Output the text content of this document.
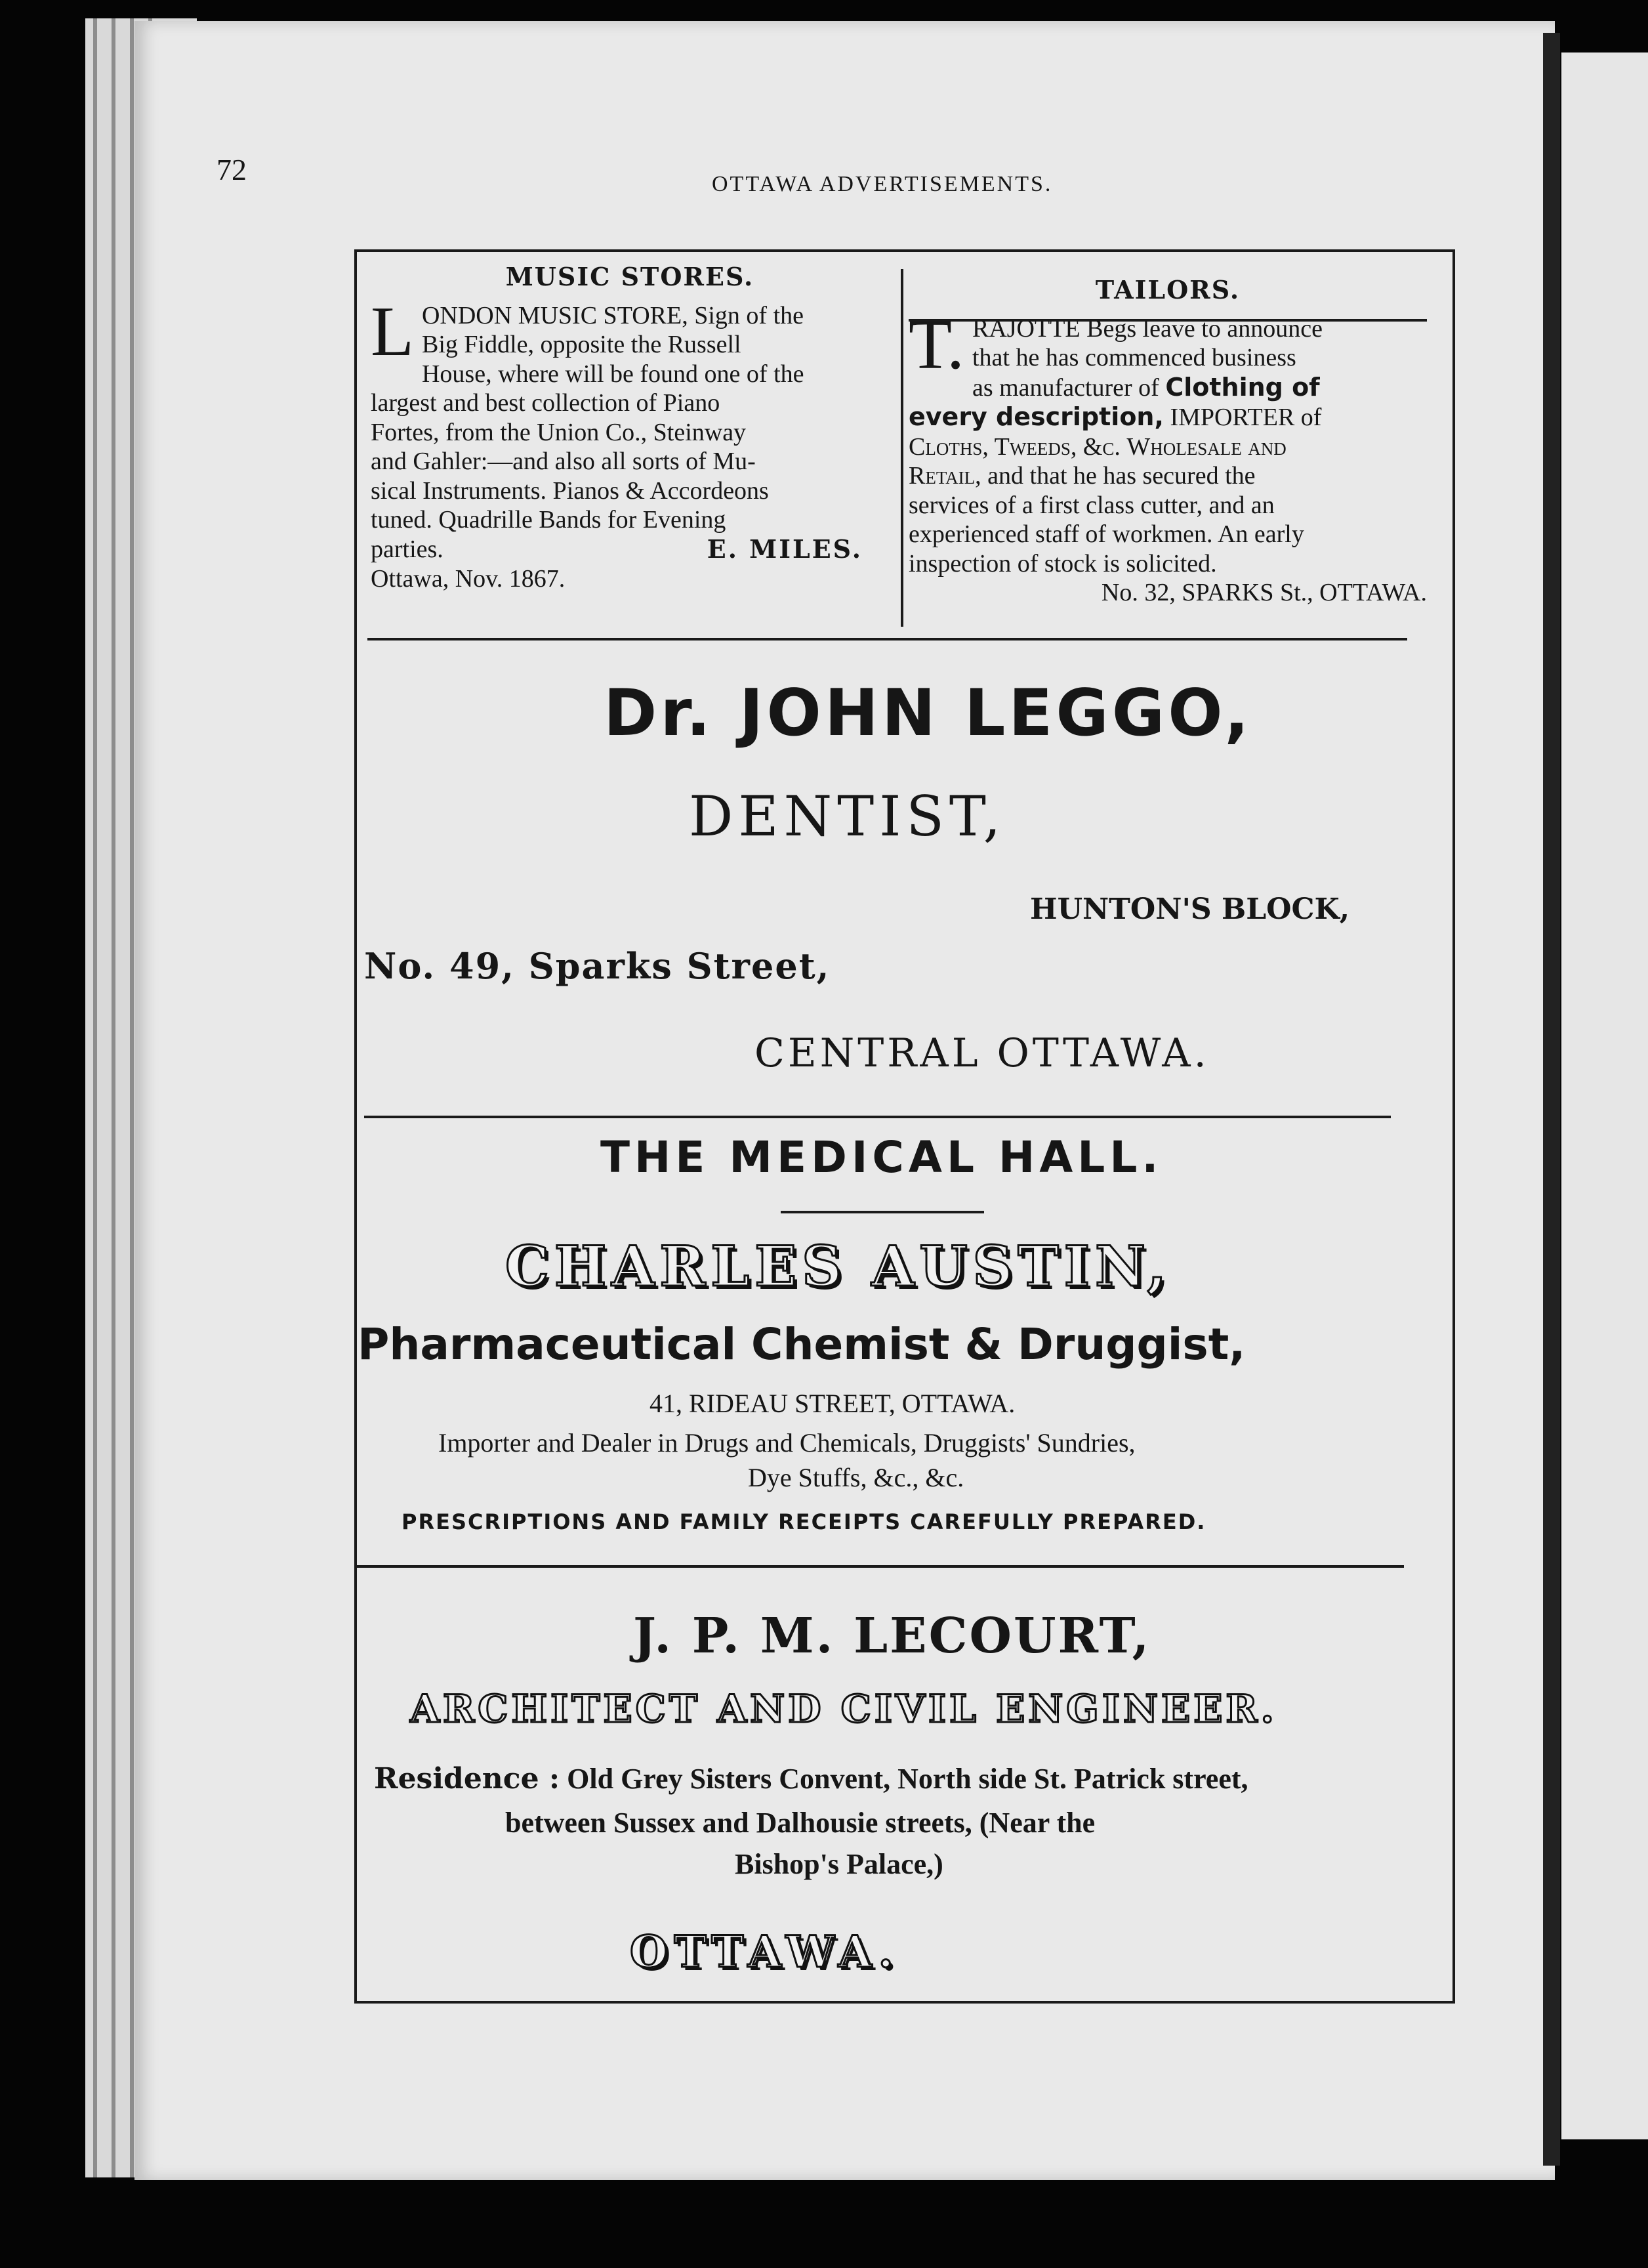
72	OTTAWA ADVERTISEMENTS.
MUSIC STORES.
L ONDON MUSIC STORE, Sign of the
Big Fiddle, opposite the Russell
House, where will be found one of the
largest and best collection of Piano
Fortes, from the Union Co., Steinway
and Gahler:—and also all sorts of Mu-
sical Instruments. Pianos & Accordeons
tuned. Quadrille Bands for Evening
parties.	E. MILES.
Ottawa, Nov. 1867.
TAILORS.
T. RAJOTTE Begs leave to announce
that he has commenced business
as manufacturer of Clothing of
every description, IMPORTER of
Cloths, Tweeds, &c. Wholesale and
Retail, and that he has secured the
services of a first class cutter, and an
experienced staff of workmen. An early
inspection of stock is solicited.
No. 32, SPARKS St., OTTAWA.
Dr. JOHN LEGGO,
DENTIST,
HUNTON'S BLOCK,
No. 49, Sparks Street,
CENTRAL OTTAWA.
THE MEDICAL HALL.
CHARLES AUSTIN,
Pharmaceutical Chemist & Druggist,
41, RIDEAU STREET, OTTAWA.
Importer and Dealer in Drugs and Chemicals, Druggists' Sundries,
Dye Stuffs, &c., &c.
PRESCRIPTIONS AND FAMILY RECEIPTS CAREFULLY PREPARED.
J. P. M. LECOURT,
ARCHITECT AND CIVIL ENGINEER.
Residence : Old Grey Sisters Convent, North side St. Patrick street,
between Sussex and Dalhousie streets, (Near the
Bishop's Palace,)
OTTAWA.
